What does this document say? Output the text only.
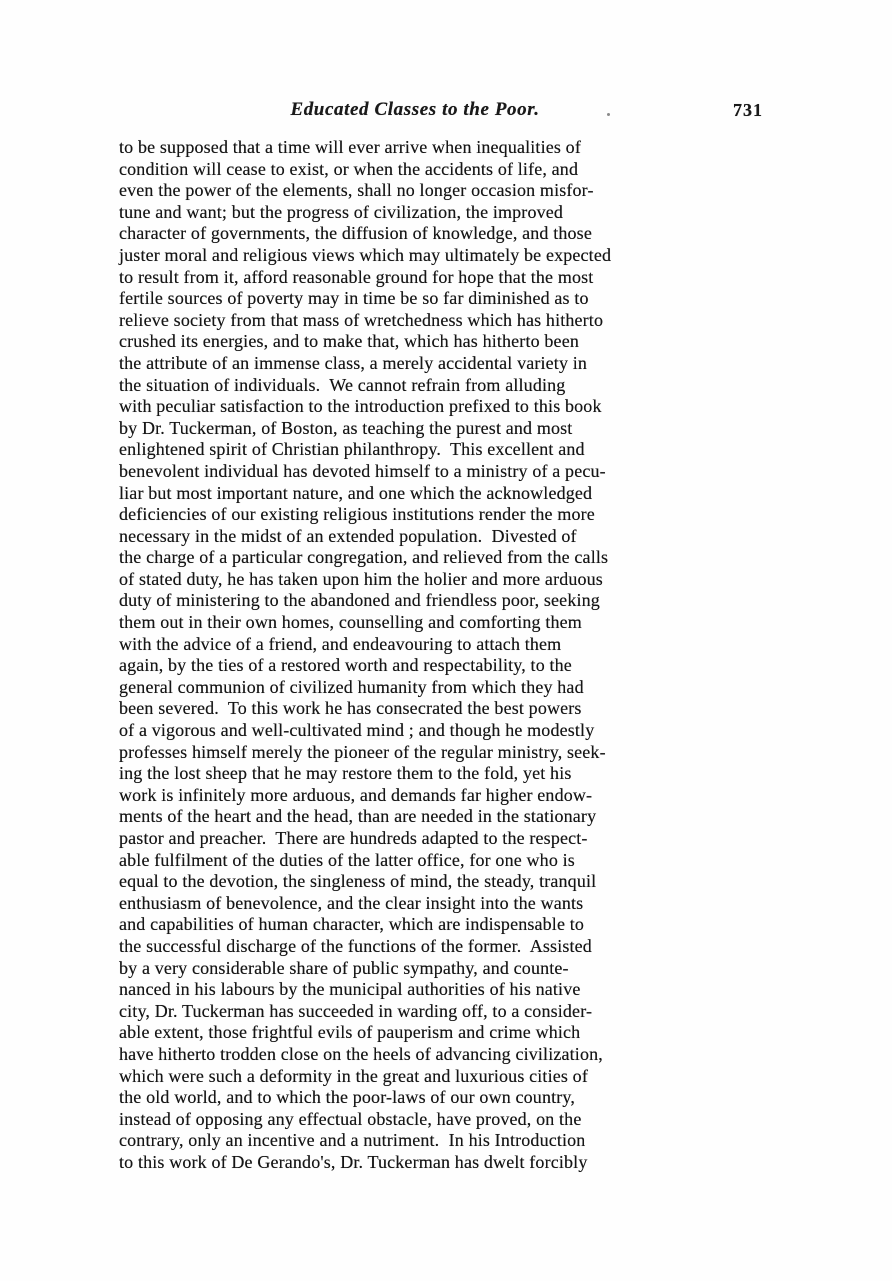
Educated Classes to the Poor.	731
to be supposed that a time will ever arrive when inequalities of
condition will cease to exist, or when the accidents of life, and
even the power of the elements, shall no longer occasion misfor-
tune and want; but the progress of civilization, the improved
character of governments, the diffusion of knowledge, and those
juster moral and religious views which may ultimately be expected
to result from it, afford reasonable ground for hope that the most
fertile sources of poverty may in time be so far diminished as to
relieve society from that mass of wretchedness which has hitherto
crushed its energies, and to make that, which has hitherto been
the attribute of an immense class, a merely accidental variety in
the situation of individuals.  We cannot refrain from alluding
with peculiar satisfaction to the introduction prefixed to this book
by Dr. Tuckerman, of Boston, as teaching the purest and most
enlightened spirit of Christian philanthropy.  This excellent and
benevolent individual has devoted himself to a ministry of a pecu-
liar but most important nature, and one which the acknowledged
deficiencies of our existing religious institutions render the more
necessary in the midst of an extended population.  Divested of
the charge of a particular congregation, and relieved from the calls
of stated duty, he has taken upon him the holier and more arduous
duty of ministering to the abandoned and friendless poor, seeking
them out in their own homes, counselling and comforting them
with the advice of a friend, and endeavouring to attach them
again, by the ties of a restored worth and respectability, to the
general communion of civilized humanity from which they had
been severed.  To this work he has consecrated the best powers
of a vigorous and well-cultivated mind ; and though he modestly
professes himself merely the pioneer of the regular ministry, seek-
ing the lost sheep that he may restore them to the fold, yet his
work is infinitely more arduous, and demands far higher endow-
ments of the heart and the head, than are needed in the stationary
pastor and preacher.  There are hundreds adapted to the respect-
able fulfilment of the duties of the latter office, for one who is
equal to the devotion, the singleness of mind, the steady, tranquil
enthusiasm of benevolence, and the clear insight into the wants
and capabilities of human character, which are indispensable to
the successful discharge of the functions of the former.  Assisted
by a very considerable share of public sympathy, and counte-
nanced in his labours by the municipal authorities of his native
city, Dr. Tuckerman has succeeded in warding off, to a consider-
able extent, those frightful evils of pauperism and crime which
have hitherto trodden close on the heels of advancing civilization,
which were such a deformity in the great and luxurious cities of
the old world, and to which the poor-laws of our own country,
instead of opposing any effectual obstacle, have proved, on the
contrary, only an incentive and a nutriment.  In his Introduction
to this work of De Gerando's, Dr. Tuckerman has dwelt forcibly
